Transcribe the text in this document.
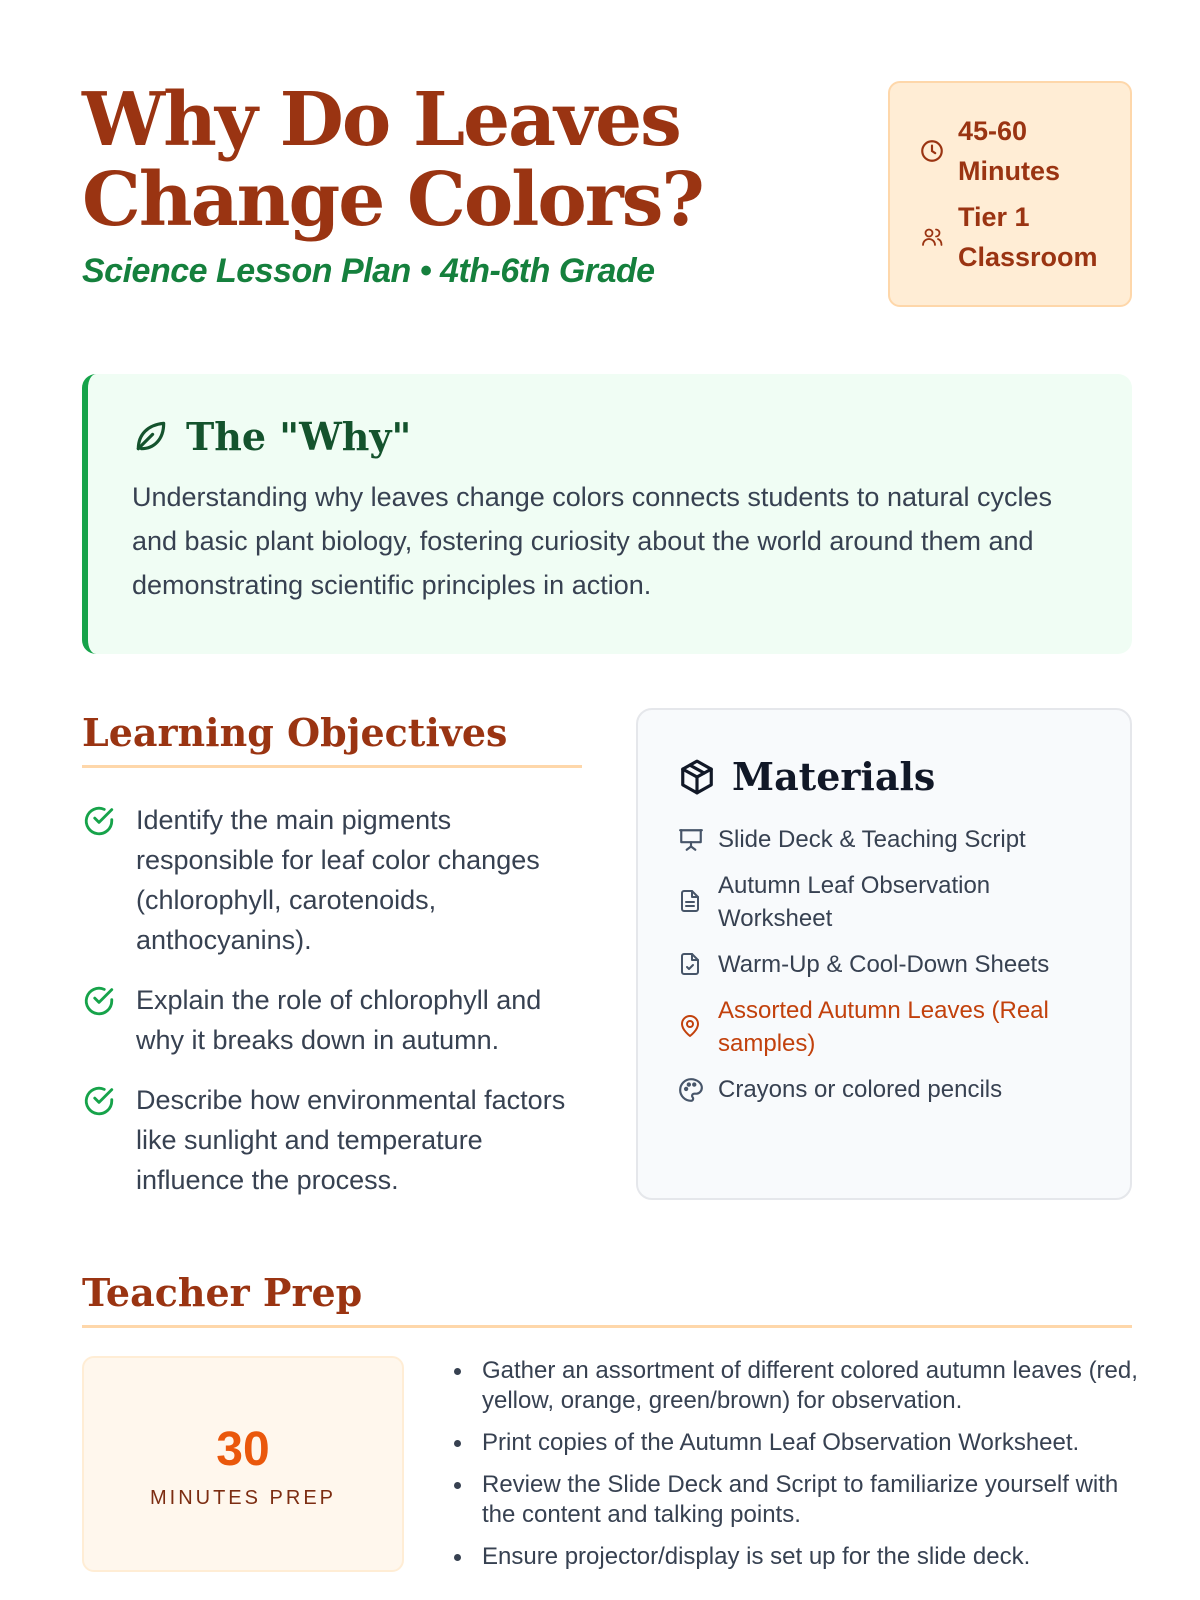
Why Do Leaves
Change Colors?
Science Lesson Plan • 4th-6th Grade
45-60
Minutes
Tier 1
Classroom
The "Why"

Understanding why leaves change colors connects students to natural cycles and basic plant biology, fostering curiosity about the world around them and demonstrating scientific principles in action.

Learning Objectives
Identify the main pigments responsible for leaf color changes (chlorophyll, carotenoids, anthocyanins).
Explain the role of chlorophyll and why it breaks down in autumn.
Describe how environmental factors like sunlight and temperature influence the process.
Materials
Slide Deck & Teaching Script
Autumn Leaf Observation Worksheet
Warm-Up & Cool-Down Sheets
Assorted Autumn Leaves (Real samples)
Crayons or colored pencils
Teacher Prep
30
MINUTES PREP
Gather an assortment of different colored autumn leaves (red, yellow, orange, green/brown) for observation.
Print copies of the Autumn Leaf Observation Worksheet.
Review the Slide Deck and Script to familiarize yourself with the content and talking points.
Ensure projector/display is set up for the slide deck.
